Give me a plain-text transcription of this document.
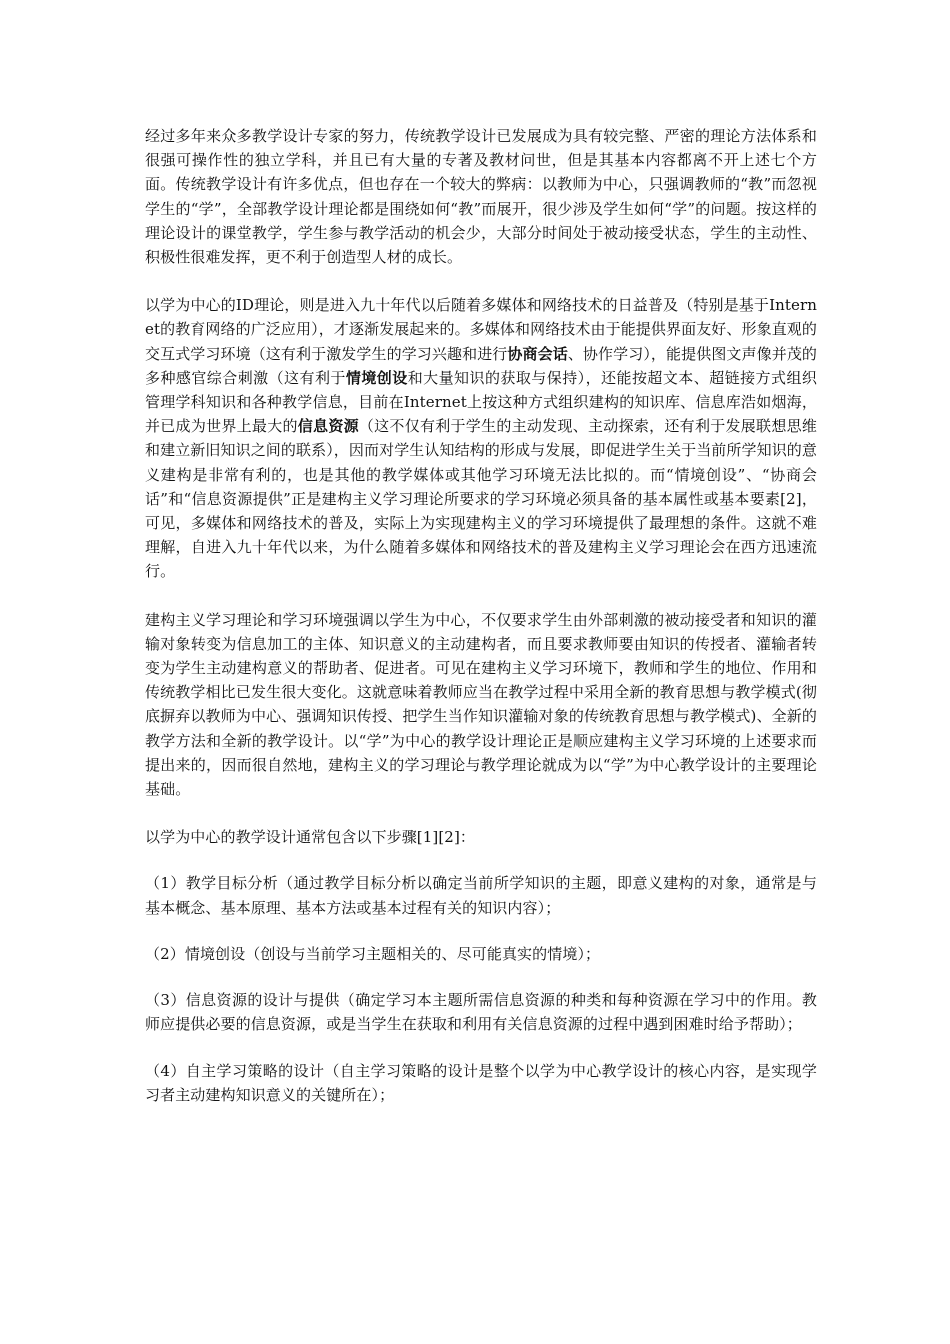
经过多年来众多教学设计专家的努力，传统教学设计已发展成为具有较完整、严密的理论方法体系和很强可操作性的独立学科，并且已有大量的专著及教材问世，但是其基本内容都离不开上述七个方面。传统教学设计有许多优点，但也存在一个较大的弊病：以教师为中心，只强调教师的“教”而忽视学生的“学”，全部教学设计理论都是围绕如何“教”而展开，很少涉及学生如何“学”的问题。按这样的理论设计的课堂教学，学生参与教学活动的机会少，大部分时间处于被动接受状态，学生的主动性、积极性很难发挥，更不利于创造型人材的成长。

以学为中心的ID理论，则是进入九十年代以后随着多媒体和网络技术的日益普及（特别是基于Internet的教育网络的广泛应用），才逐渐发展起来的。多媒体和网络技术由于能提供界面友好、形象直观的交互式学习环境（这有利于激发学生的学习兴趣和进行协商会话、协作学习），能提供图文声像并茂的多种感官综合刺激（这有利于情境创设和大量知识的获取与保持），还能按超文本、超链接方式组织管理学科知识和各种教学信息，目前在Internet上按这种方式组织建构的知识库、信息库浩如烟海，并已成为世界上最大的信息资源（这不仅有利于学生的主动发现、主动探索，还有利于发展联想思维和建立新旧知识之间的联系），因而对学生认知结构的形成与发展，即促进学生关于当前所学知识的意义建构是非常有利的，也是其他的教学媒体或其他学习环境无法比拟的。而“情境创设”、“协商会话”和“信息资源提供”正是建构主义学习理论所要求的学习环境必须具备的基本属性或基本要素[2]，可见，多媒体和网络技术的普及，实际上为实现建构主义的学习环境提供了最理想的条件。这就不难理解，自进入九十年代以来，为什么随着多媒体和网络技术的普及建构主义学习理论会在西方迅速流行。

建构主义学习理论和学习环境强调以学生为中心，不仅要求学生由外部刺激的被动接受者和知识的灌输对象转变为信息加工的主体、知识意义的主动建构者，而且要求教师要由知识的传授者、灌输者转变为学生主动建构意义的帮助者、促进者。可见在建构主义学习环境下，教师和学生的地位、作用和传统教学相比已发生很大变化。这就意味着教师应当在教学过程中采用全新的教育思想与教学模式(彻底摒弃以教师为中心、强调知识传授、把学生当作知识灌输对象的传统教育思想与教学模式)、全新的教学方法和全新的教学设计。以“学”为中心的教学设计理论正是顺应建构主义学习环境的上述要求而提出来的，因而很自然地，建构主义的学习理论与教学理论就成为以“学”为中心教学设计的主要理论基础。

以学为中心的教学设计通常包含以下步骤[1][2]：

（1）教学目标分析（通过教学目标分析以确定当前所学知识的主题，即意义建构的对象，通常是与基本概念、基本原理、基本方法或基本过程有关的知识内容）；

（2）情境创设（创设与当前学习主题相关的、尽可能真实的情境）；

（3）信息资源的设计与提供（确定学习本主题所需信息资源的种类和每种资源在学习中的作用。教师应提供必要的信息资源，或是当学生在获取和利用有关信息资源的过程中遇到困难时给予帮助）；

（4）自主学习策略的设计（自主学习策略的设计是整个以学为中心教学设计的核心内容，是实现学习者主动建构知识意义的关键所在）；
